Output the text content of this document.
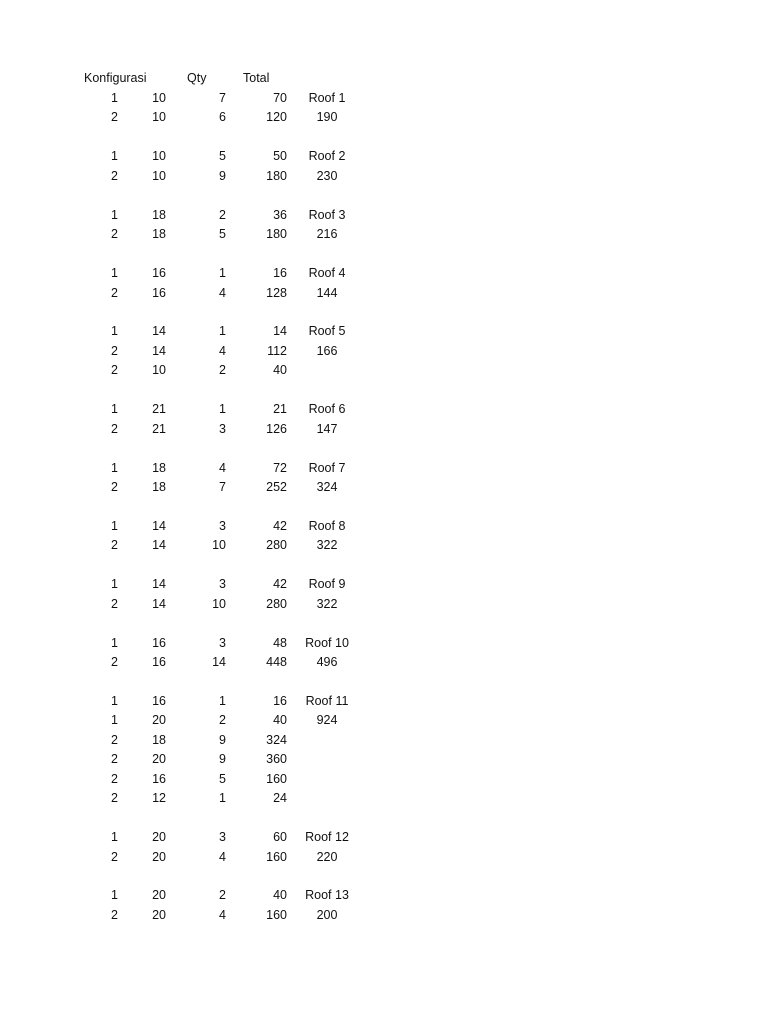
Konfigurasi	Qty	Total
1	10	7	70	Roof 1
2	10	6	120	190
1	10	5	50	Roof 2
2	10	9	180	230
1	18	2	36	Roof 3
2	18	5	180	216
1	16	1	16	Roof 4
2	16	4	128	144
1	14	1	14	Roof 5
2	14	4	112	166
2	10	2	40
1	21	1	21	Roof 6
2	21	3	126	147
1	18	4	72	Roof 7
2	18	7	252	324
1	14	3	42	Roof 8
2	14	10	280	322
1	14	3	42	Roof 9
2	14	10	280	322
1	16	3	48	Roof 10
2	16	14	448	496
1	16	1	16	Roof 11
1	20	2	40	924
2	18	9	324
2	20	9	360
2	16	5	160
2	12	1	24
1	20	3	60	Roof 12
2	20	4	160	220
1	20	2	40	Roof 13
2	20	4	160	200
